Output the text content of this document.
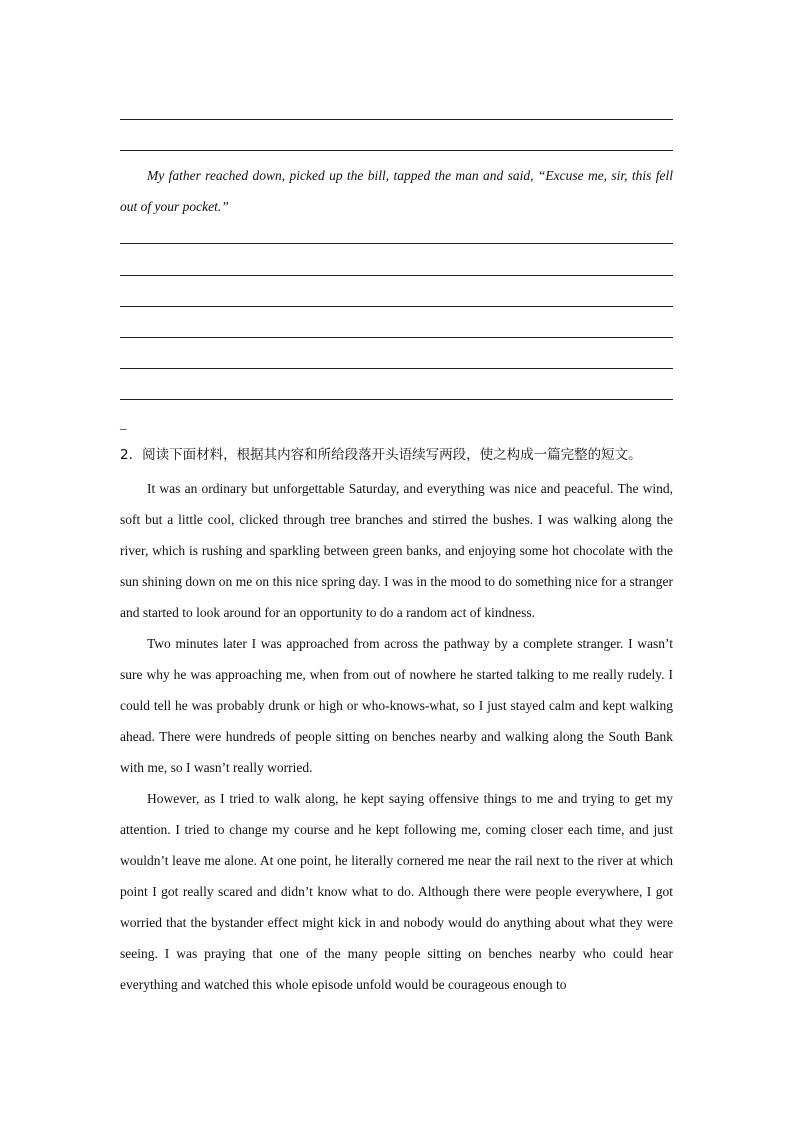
My father reached down, picked up the bill, tapped the man and said, “Excuse me, sir, this fell out of your pocket.”

_

2．阅读下面材料，根据其内容和所给段落开头语续写两段，使之构成一篇完整的短文。

It was an ordinary but unforgettable Saturday, and everything was nice and peaceful. The wind, soft but a little cool, clicked through tree branches and stirred the bushes. I was walking along the river, which is rushing and sparkling between green banks, and enjoying some hot chocolate with the sun shining down on me on this nice spring day. I was in the mood to do something nice for a stranger and started to look around for an opportunity to do a random act of kindness.

Two minutes later I was approached from across the pathway by a complete stranger. I wasn’t sure why he was approaching me, when from out of nowhere he started talking to me really rudely. I could tell he was probably drunk or high or who-knows-what, so I just stayed calm and kept walking ahead. There were hundreds of people sitting on benches nearby and walking along the South Bank with me, so I wasn’t really worried.

However, as I tried to walk along, he kept saying offensive things to me and trying to get my attention. I tried to change my course and he kept following me, coming closer each time, and just wouldn’t leave me alone. At one point, he literally cornered me near the rail next to the river at which point I got really scared and didn’t know what to do. Although there were people everywhere, I got worried that the bystander effect might kick in and nobody would do anything about what they were seeing. I was praying that one of the many people sitting on benches nearby who could hear everything and watched this whole episode unfold would be courageous enough to
